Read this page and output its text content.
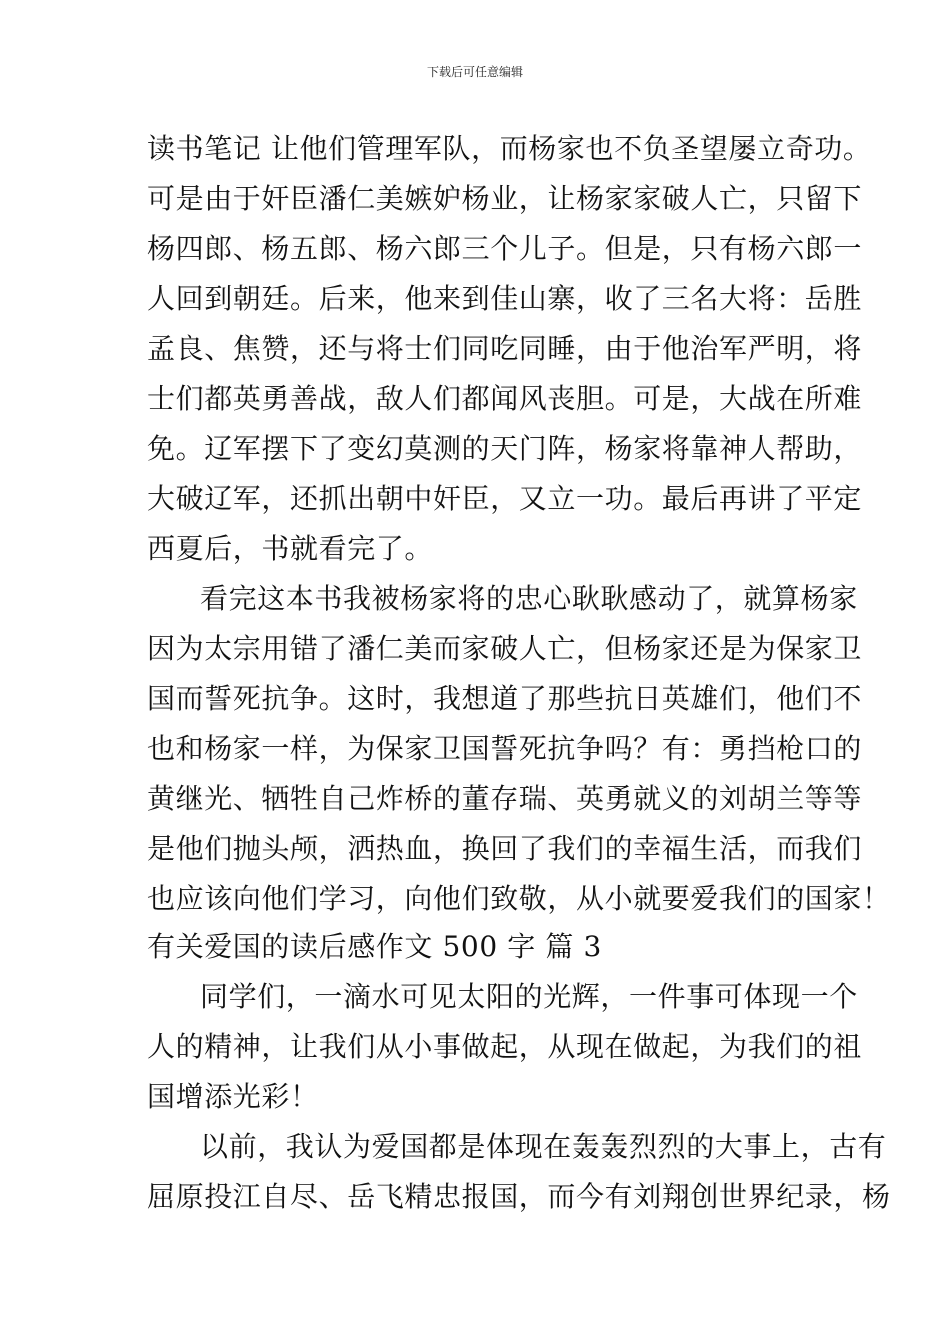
下载后可任意编辑
读书笔记 让他们管理军队，而杨家也不负圣望屡立奇功。
可是由于奸臣潘仁美嫉妒杨业，让杨家家破人亡，只留下
杨四郎、杨五郎、杨六郎三个儿子。但是，只有杨六郎一
人回到朝廷。后来，他来到佳山寨，收了三名大将：岳胜
孟良、焦赞，还与将士们同吃同睡，由于他治军严明，将
士们都英勇善战，敌人们都闻风丧胆。可是，大战在所难
免。辽军摆下了变幻莫测的天门阵，杨家将靠神人帮助，
大破辽军，还抓出朝中奸臣，又立一功。最后再讲了平定
西夏后，书就看完了。
看完这本书我被杨家将的忠心耿耿感动了，就算杨家
因为太宗用错了潘仁美而家破人亡，但杨家还是为保家卫
国而誓死抗争。这时，我想道了那些抗日英雄们，他们不
也和杨家一样，为保家卫国誓死抗争吗？有：勇挡枪口的
黄继光、牺牲自己炸桥的董存瑞、英勇就义的刘胡兰等等
是他们抛头颅，洒热血，换回了我们的幸福生活，而我们
也应该向他们学习，向他们致敬，从小就要爱我们的国家！
有关爱国的读后感作文 500 字 篇 3
同学们，一滴水可见太阳的光辉，一件事可体现一个
人的精神，让我们从小事做起，从现在做起，为我们的祖
国增添光彩！
以前，我认为爱国都是体现在轰轰烈烈的大事上，古有
屈原投江自尽、岳飞精忠报国，而今有刘翔创世界纪录，杨
